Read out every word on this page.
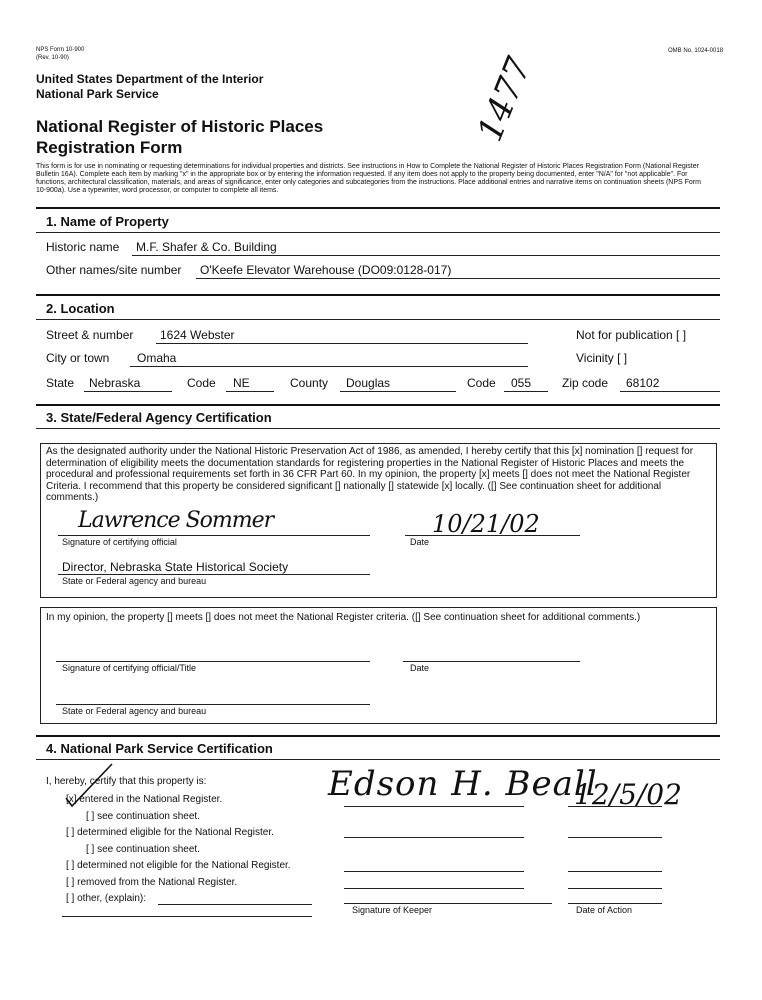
NPS Form 10-900
(Rev. 10-90)
OMB No. 1024-0018
United States Department of the Interior
National Park Service
National Register of Historic Places
Registration Form
1477
This form is for use in nominating or requesting determinations for individual properties and districts. See instructions in How to Complete the National Register of Historic Places Registration Form (National Register Bulletin 16A). Complete each item by marking "x" in the appropriate box or by entering the information requested. If any item does not apply to the property being documented, enter "N/A" for "not applicable". For functions, architectural classification, materials, and areas of significance, enter only categories and subcategories from the instructions. Place additional entries and narrative items on continuation sheets (NPS Form 10-900a). Use a typewriter, word processor, or computer to complete all items.
1. Name of Property
Historic name M.F. Shafer & Co. Building
Other names/site number O'Keefe Elevator Warehouse (DO09:0128-017)
2. Location
Street & number 1624 Webster	Not for publication [ ]
City or town Omaha	Vicinity [ ]
State Nebraska	Code NE	County Douglas	Code 055	Zip code 68102
3. State/Federal Agency Certification
As the designated authority under the National Historic Preservation Act of 1986, as amended, I hereby certify that this [x] nomination [] request for determination of eligibility meets the documentation standards for registering properties in the National Register of Historic Places and meets the procedural and professional requirements set forth in 36 CFR Part 60. In my opinion, the property [x] meets [] does not meet the National Register Criteria. I recommend that this property be considered significant [] nationally [] statewide [x] locally. ([] See continuation sheet for additional comments.)
Lawrence Sommer
Signature of certifying official
10/21/02
Date
Director, Nebraska State Historical Society
State or Federal agency and bureau
In my opinion, the property [] meets [] does not meet the National Register criteria. ([] See continuation sheet for additional comments.)
Signature of certifying official/Title	Date
State or Federal agency and bureau
4. National Park Service Certification
I, hereby, certify that this property is:
[x] entered in the National Register.
[ ] see continuation sheet.
[ ] determined eligible for the National Register.
[ ] see continuation sheet.
[ ] determined not eligible for the National Register.
[ ] removed from the National Register.
[ ] other, (explain):
Edson H. Beall
12/5/02
Signature of Keeper	Date of Action
